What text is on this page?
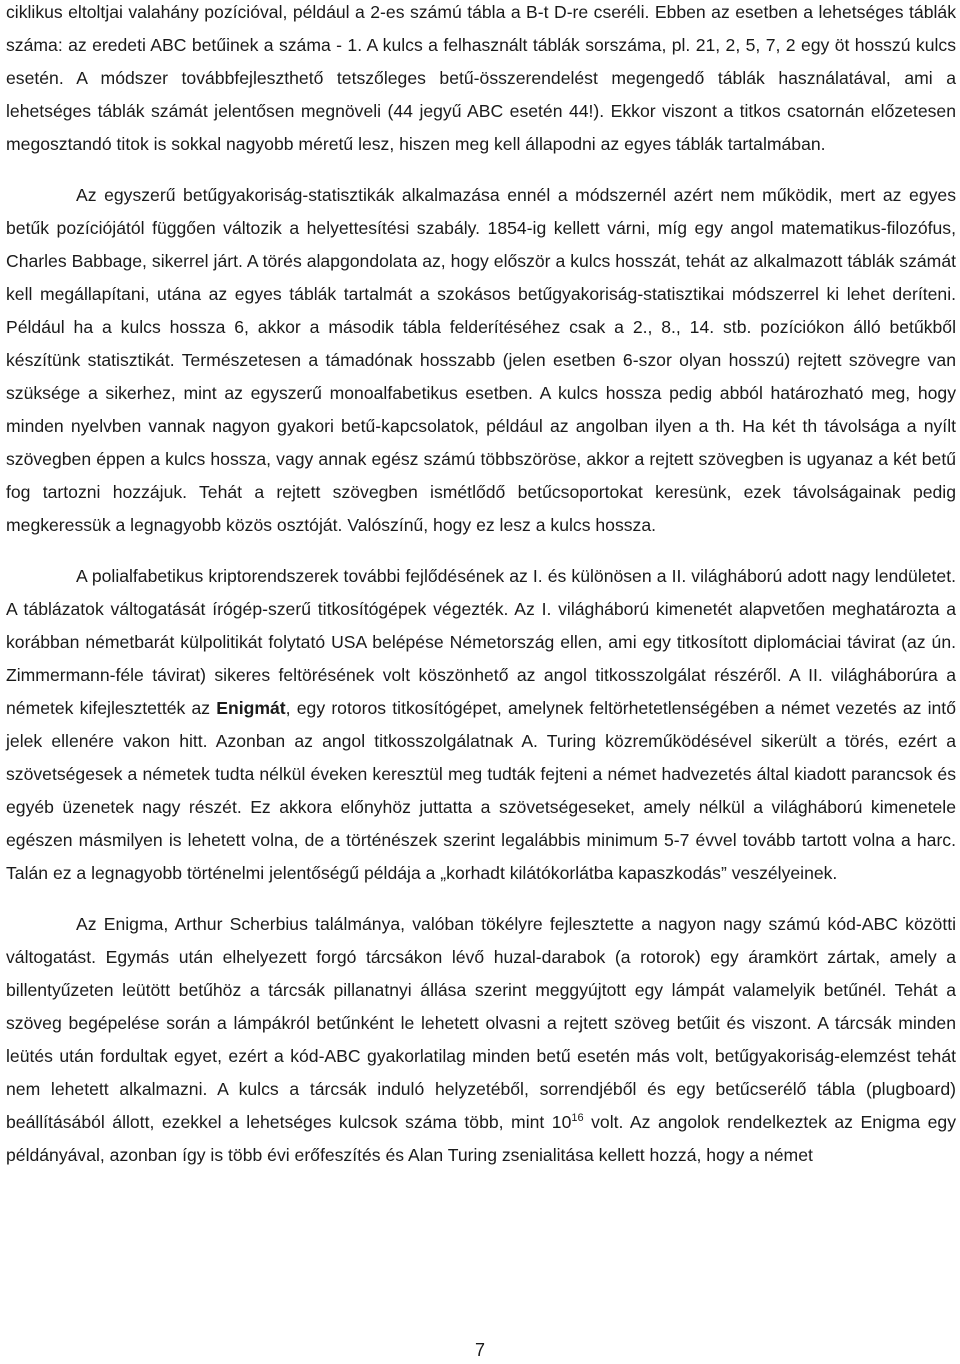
ciklikus eltoltjai valahány pozícióval, például a 2-es számú tábla a B-t D-re cseréli. Ebben az esetben a lehetséges táblák száma: az eredeti ABC betűinek a száma - 1. A kulcs a felhasznált táblák sorszáma, pl. 21, 2, 5, 7, 2 egy öt hosszú kulcs esetén. A módszer továbbfejleszthető tetszőleges betű-összerendelést megengedő táblák használatával, ami a lehetséges táblák számát jelentősen megnöveli (44 jegyű ABC esetén 44!). Ekkor viszont a titkos csatornán előzetesen megosztandó titok is sokkal nagyobb méretű lesz, hiszen meg kell állapodni az egyes táblák tartalmában.

Az egyszerű betűgyakoriság-statisztikák alkalmazása ennél a módszernél azért nem működik, mert az egyes betűk pozíciójától függően változik a helyettesítési szabály. 1854-ig kellett várni, míg egy angol matematikus-filozófus, Charles Babbage, sikerrel járt. A törés alapgondolata az, hogy először a kulcs hosszát, tehát az alkalmazott táblák számát kell megállapítani, utána az egyes táblák tartalmát a szokásos betűgyakoriság-statisztikai módszerrel ki lehet deríteni. Például ha a kulcs hossza 6, akkor a második tábla felderítéséhez csak a 2., 8., 14. stb. pozíciókon álló betűkből készítünk statisztikát. Természetesen a támadónak hosszabb (jelen esetben 6-szor olyan hosszú) rejtett szövegre van szüksége a sikerhez, mint az egyszerű monoalfabetikus esetben. A kulcs hossza pedig abból határozható meg, hogy minden nyelvben vannak nagyon gyakori betű-kapcsolatok, például az angolban ilyen a th. Ha két th távolsága a nyílt szövegben éppen a kulcs hossza, vagy annak egész számú többszöröse, akkor a rejtett szövegben is ugyanaz a két betű fog tartozni hozzájuk. Tehát a rejtett szövegben ismétlődő betűcsoportokat keresünk, ezek távolságainak pedig megkeressük a legnagyobb közös osztóját. Valószínű, hogy ez lesz a kulcs hossza.

A polialfabetikus kriptorendszerek további fejlődésének az I. és különösen a II. világháború adott nagy lendületet. A táblázatok váltogatását írógép-szerű titkosítógépek végezték. Az I. világháború kimenetét alapvetően meghatározta a korábban németbarát külpolitikát folytató USA belépése Németország ellen, ami egy titkosított diplomáciai távirat (az ún. Zimmermann-féle távirat) sikeres feltörésének volt köszönhető az angol titkosszolgálat részéről. A II. világháborúra a németek kifejlesztették az Enigmát, egy rotoros titkosítógépet, amelynek feltörhetetlenségében a német vezetés az intő jelek ellenére vakon hitt. Azonban az angol titkosszolgálatnak A. Turing közreműködésével sikerült a törés, ezért a szövetségesek a németek tudta nélkül éveken keresztül meg tudták fejteni a német hadvezetés által kiadott parancsok és egyéb üzenetek nagy részét. Ez akkora előnyhöz juttatta a szövetségeseket, amely nélkül a világháború kimenetele egészen másmilyen is lehetett volna, de a történészek szerint legalábbis minimum 5-7 évvel tovább tartott volna a harc. Talán ez a legnagyobb történelmi jelentőségű példája a „korhadt kilátókorlátba kapaszkodás” veszélyeinek.

Az Enigma, Arthur Scherbius találmánya, valóban tökélyre fejlesztette a nagyon nagy számú kód-ABC közötti váltogatást. Egymás után elhelyezett forgó tárcsákon lévő huzal-darabok (a rotorok) egy áramkört zártak, amely a billentyűzeten leütött betűhöz a tárcsák pillanatnyi állása szerint meggyújtott egy lámpát valamelyik betűnél. Tehát a szöveg begépelése során a lámpákról betűnként le lehetett olvasni a rejtett szöveg betűit és viszont. A tárcsák minden leütés után fordultak egyet, ezért a kód-ABC gyakorlatilag minden betű esetén más volt, betűgyakoriság-elemzést tehát nem lehetett alkalmazni. A kulcs a tárcsák induló helyzetéből, sorrendjéből és egy betűcserélő tábla (plugboard) beállításából állott, ezekkel a lehetséges kulcsok száma több, mint $10^{16}$ volt. Az angolok rendelkeztek az Enigma egy példányával, azonban így is több évi erőfeszítés és Alan Turing zsenialitása kellett hozzá, hogy a német

7
